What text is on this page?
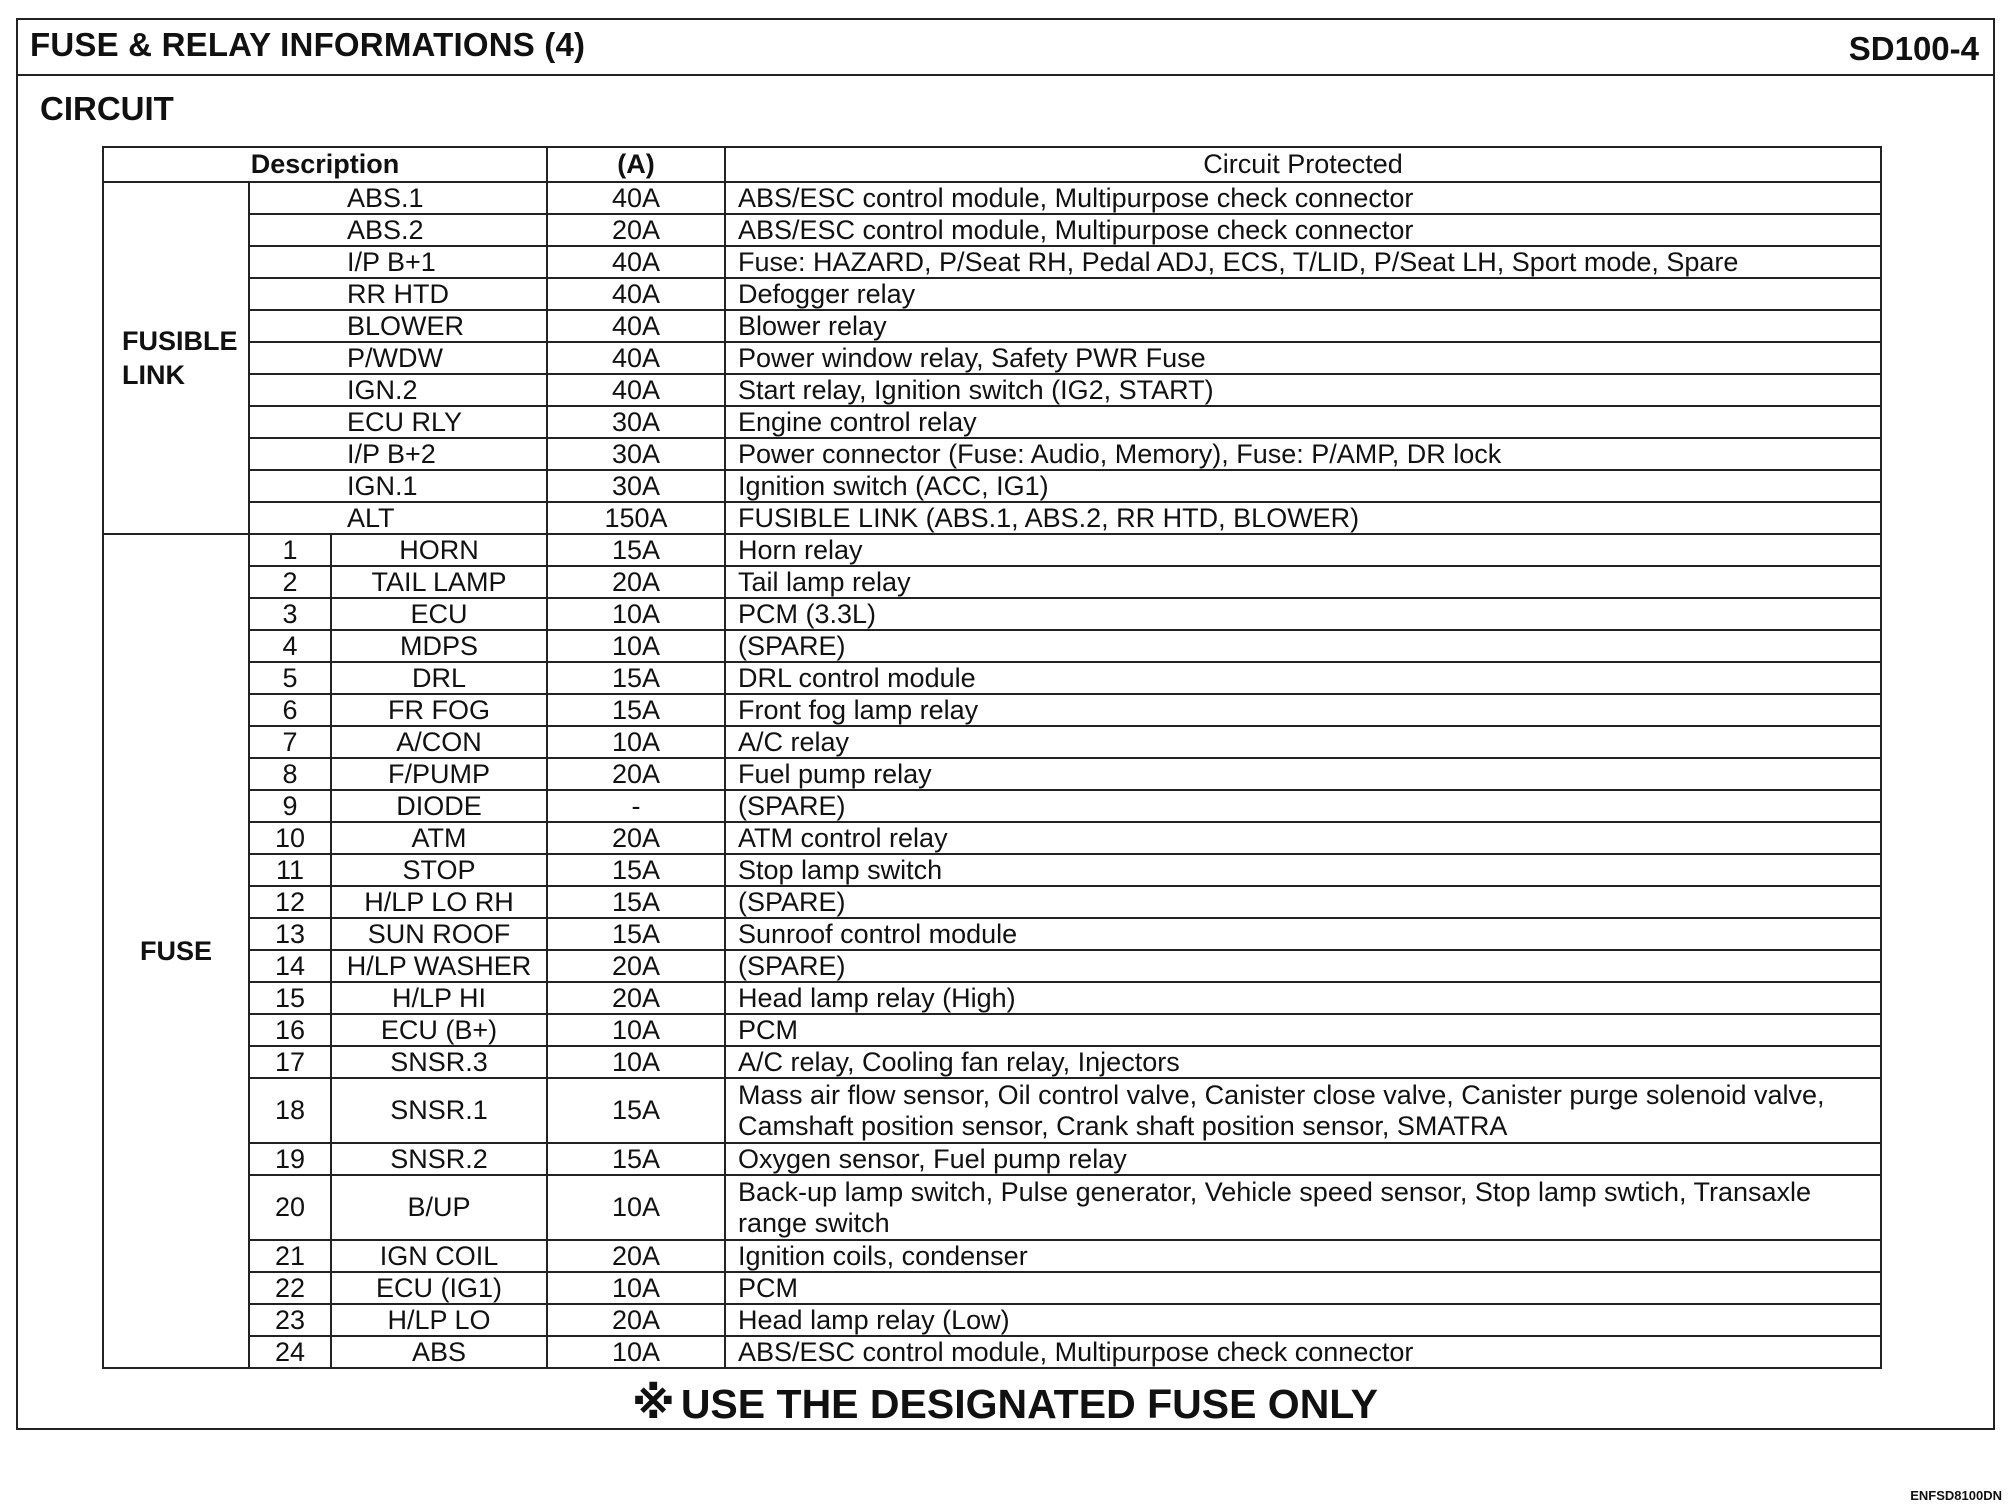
FUSE & RELAY INFORMATIONS (4)	SD100-4
CIRCUIT
Description			(A)	Circuit Protected
FUSIBLE
LINK	ABS.1		40A	ABS/ESC control module, Multipurpose check connector
	ABS.2		20A	ABS/ESC control module, Multipurpose check connector
	I/P B+1		40A	Fuse: HAZARD, P/Seat RH, Pedal ADJ, ECS, T/LID, P/Seat LH, Sport mode, Spare
	RR HTD		40A	Defogger relay
	BLOWER		40A	Blower relay
	P/WDW		40A	Power window relay, Safety PWR Fuse
	IGN.2		40A	Start relay, Ignition switch (IG2, START)
	ECU RLY		30A	Engine control relay
	I/P B+2		30A	Power connector (Fuse: Audio, Memory), Fuse: P/AMP, DR lock
	IGN.1		30A	Ignition switch (ACC, IG1)
	ALT		150A	FUSIBLE LINK (ABS.1, ABS.2, RR HTD, BLOWER)
FUSE	1	HORN	15A	Horn relay
	2	TAIL LAMP	20A	Tail lamp relay
	3	ECU	10A	PCM (3.3L)
	4	MDPS	10A	(SPARE)
	5	DRL	15A	DRL control module
	6	FR FOG	15A	Front fog lamp relay
	7	A/CON	10A	A/C relay
	8	F/PUMP	20A	Fuel pump relay
	9	DIODE	-	(SPARE)
	10	ATM	20A	ATM control relay
	11	STOP	15A	Stop lamp switch
	12	H/LP LO RH	15A	(SPARE)
	13	SUN ROOF	15A	Sunroof control module
	14	H/LP WASHER	20A	(SPARE)
	15	H/LP HI	20A	Head lamp relay (High)
	16	ECU (B+)	10A	PCM
	17	SNSR.3	10A	A/C relay, Cooling fan relay, Injectors
	18	SNSR.1	15A	Mass air flow sensor, Oil control valve, Canister close valve, Canister purge solenoid valve, Camshaft position sensor, Crank shaft position sensor, SMATRA
	19	SNSR.2	15A	Oxygen sensor, Fuel pump relay
	20	B/UP	10A	Back-up lamp switch, Pulse generator, Vehicle speed sensor, Stop lamp swtich, Transaxle range switch
	21	IGN COIL	20A	Ignition coils, condenser
	22	ECU (IG1)	10A	PCM
	23	H/LP LO	20A	Head lamp relay (Low)
	24	ABS	10A	ABS/ESC control module, Multipurpose check connector
※ USE THE DESIGNATED FUSE ONLY
ENFSD8100DN
